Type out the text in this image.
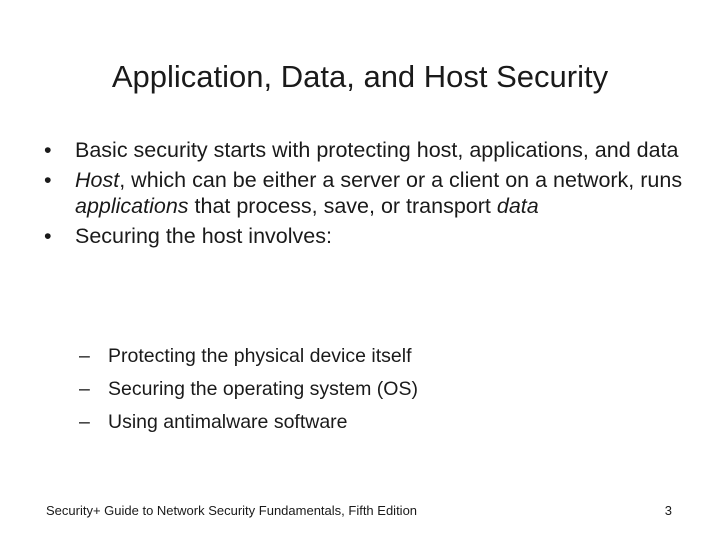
Application, Data, and Host Security
• Basic security starts with protecting host, applications, and data
• Host, which can be either a server or a client on a network, runs applications that process, save, or transport data
• Securing the host involves:
– Protecting the physical device itself
– Securing the operating system (OS)
– Using antimalware software
Security+ Guide to Network Security Fundamentals, Fifth Edition	3
